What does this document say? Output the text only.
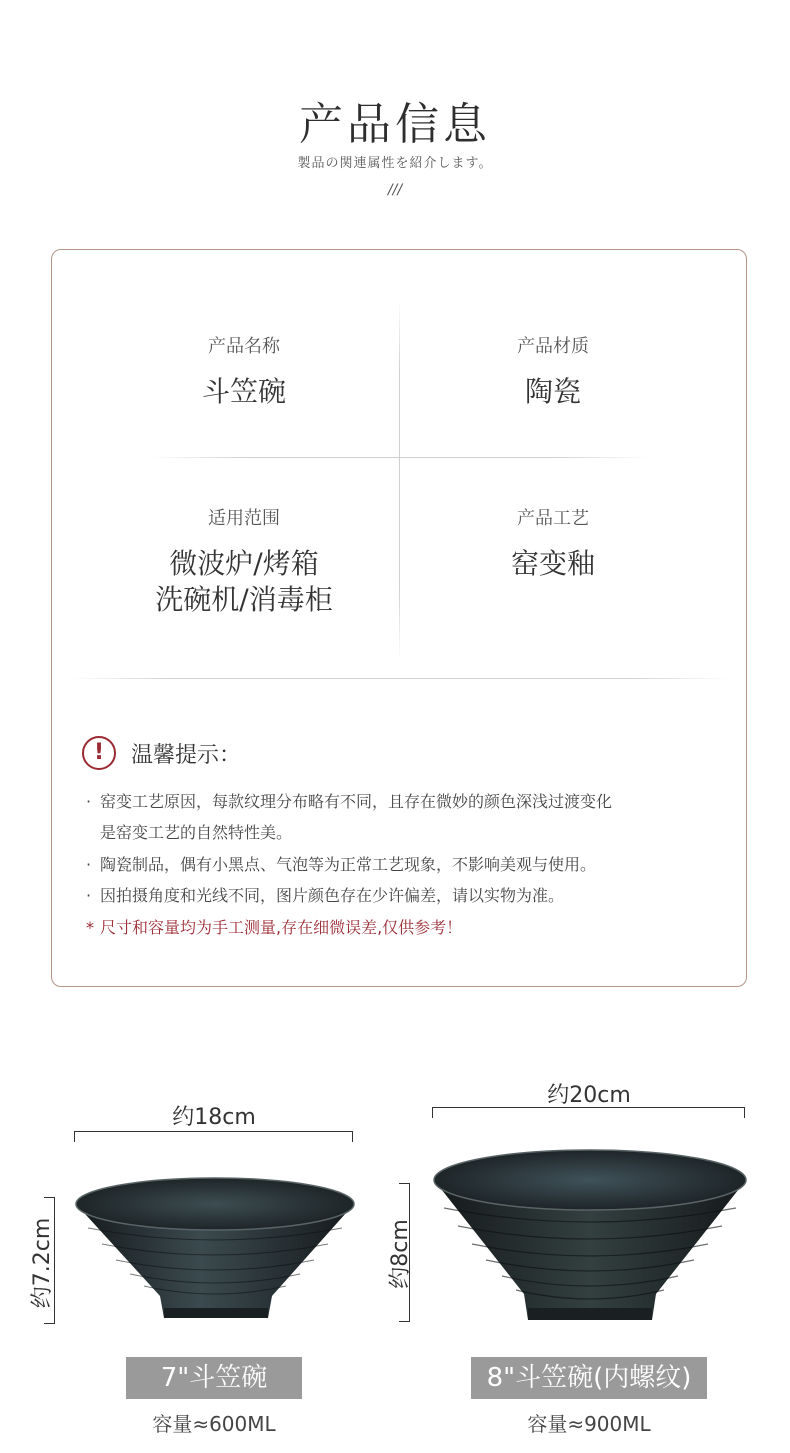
产品信息
製品の関連属性を紹介します。
///
产品名称
斗笠碗
产品材质
陶瓷
适用范围
微波炉/烤箱
洗碗机/消毒柜
产品工艺
窑变釉
!	温馨提示：
· 窑变工艺原因，每款纹理分布略有不同，且存在微妙的颜色深浅过渡变化
是窑变工艺的自然特性美。
· 陶瓷制品，偶有小黑点、气泡等为正常工艺现象，不影响美观与使用。
· 因拍摄角度和光线不同，图片颜色存在少许偏差，请以实物为准。
* 尺寸和容量均为手工测量,存在细微误差,仅供参考！
约18cm
约7.2cm
7"斗笠碗
容量≈600ML
约20cm
约8cm
8"斗笠碗(内螺纹)
容量≈900ML
